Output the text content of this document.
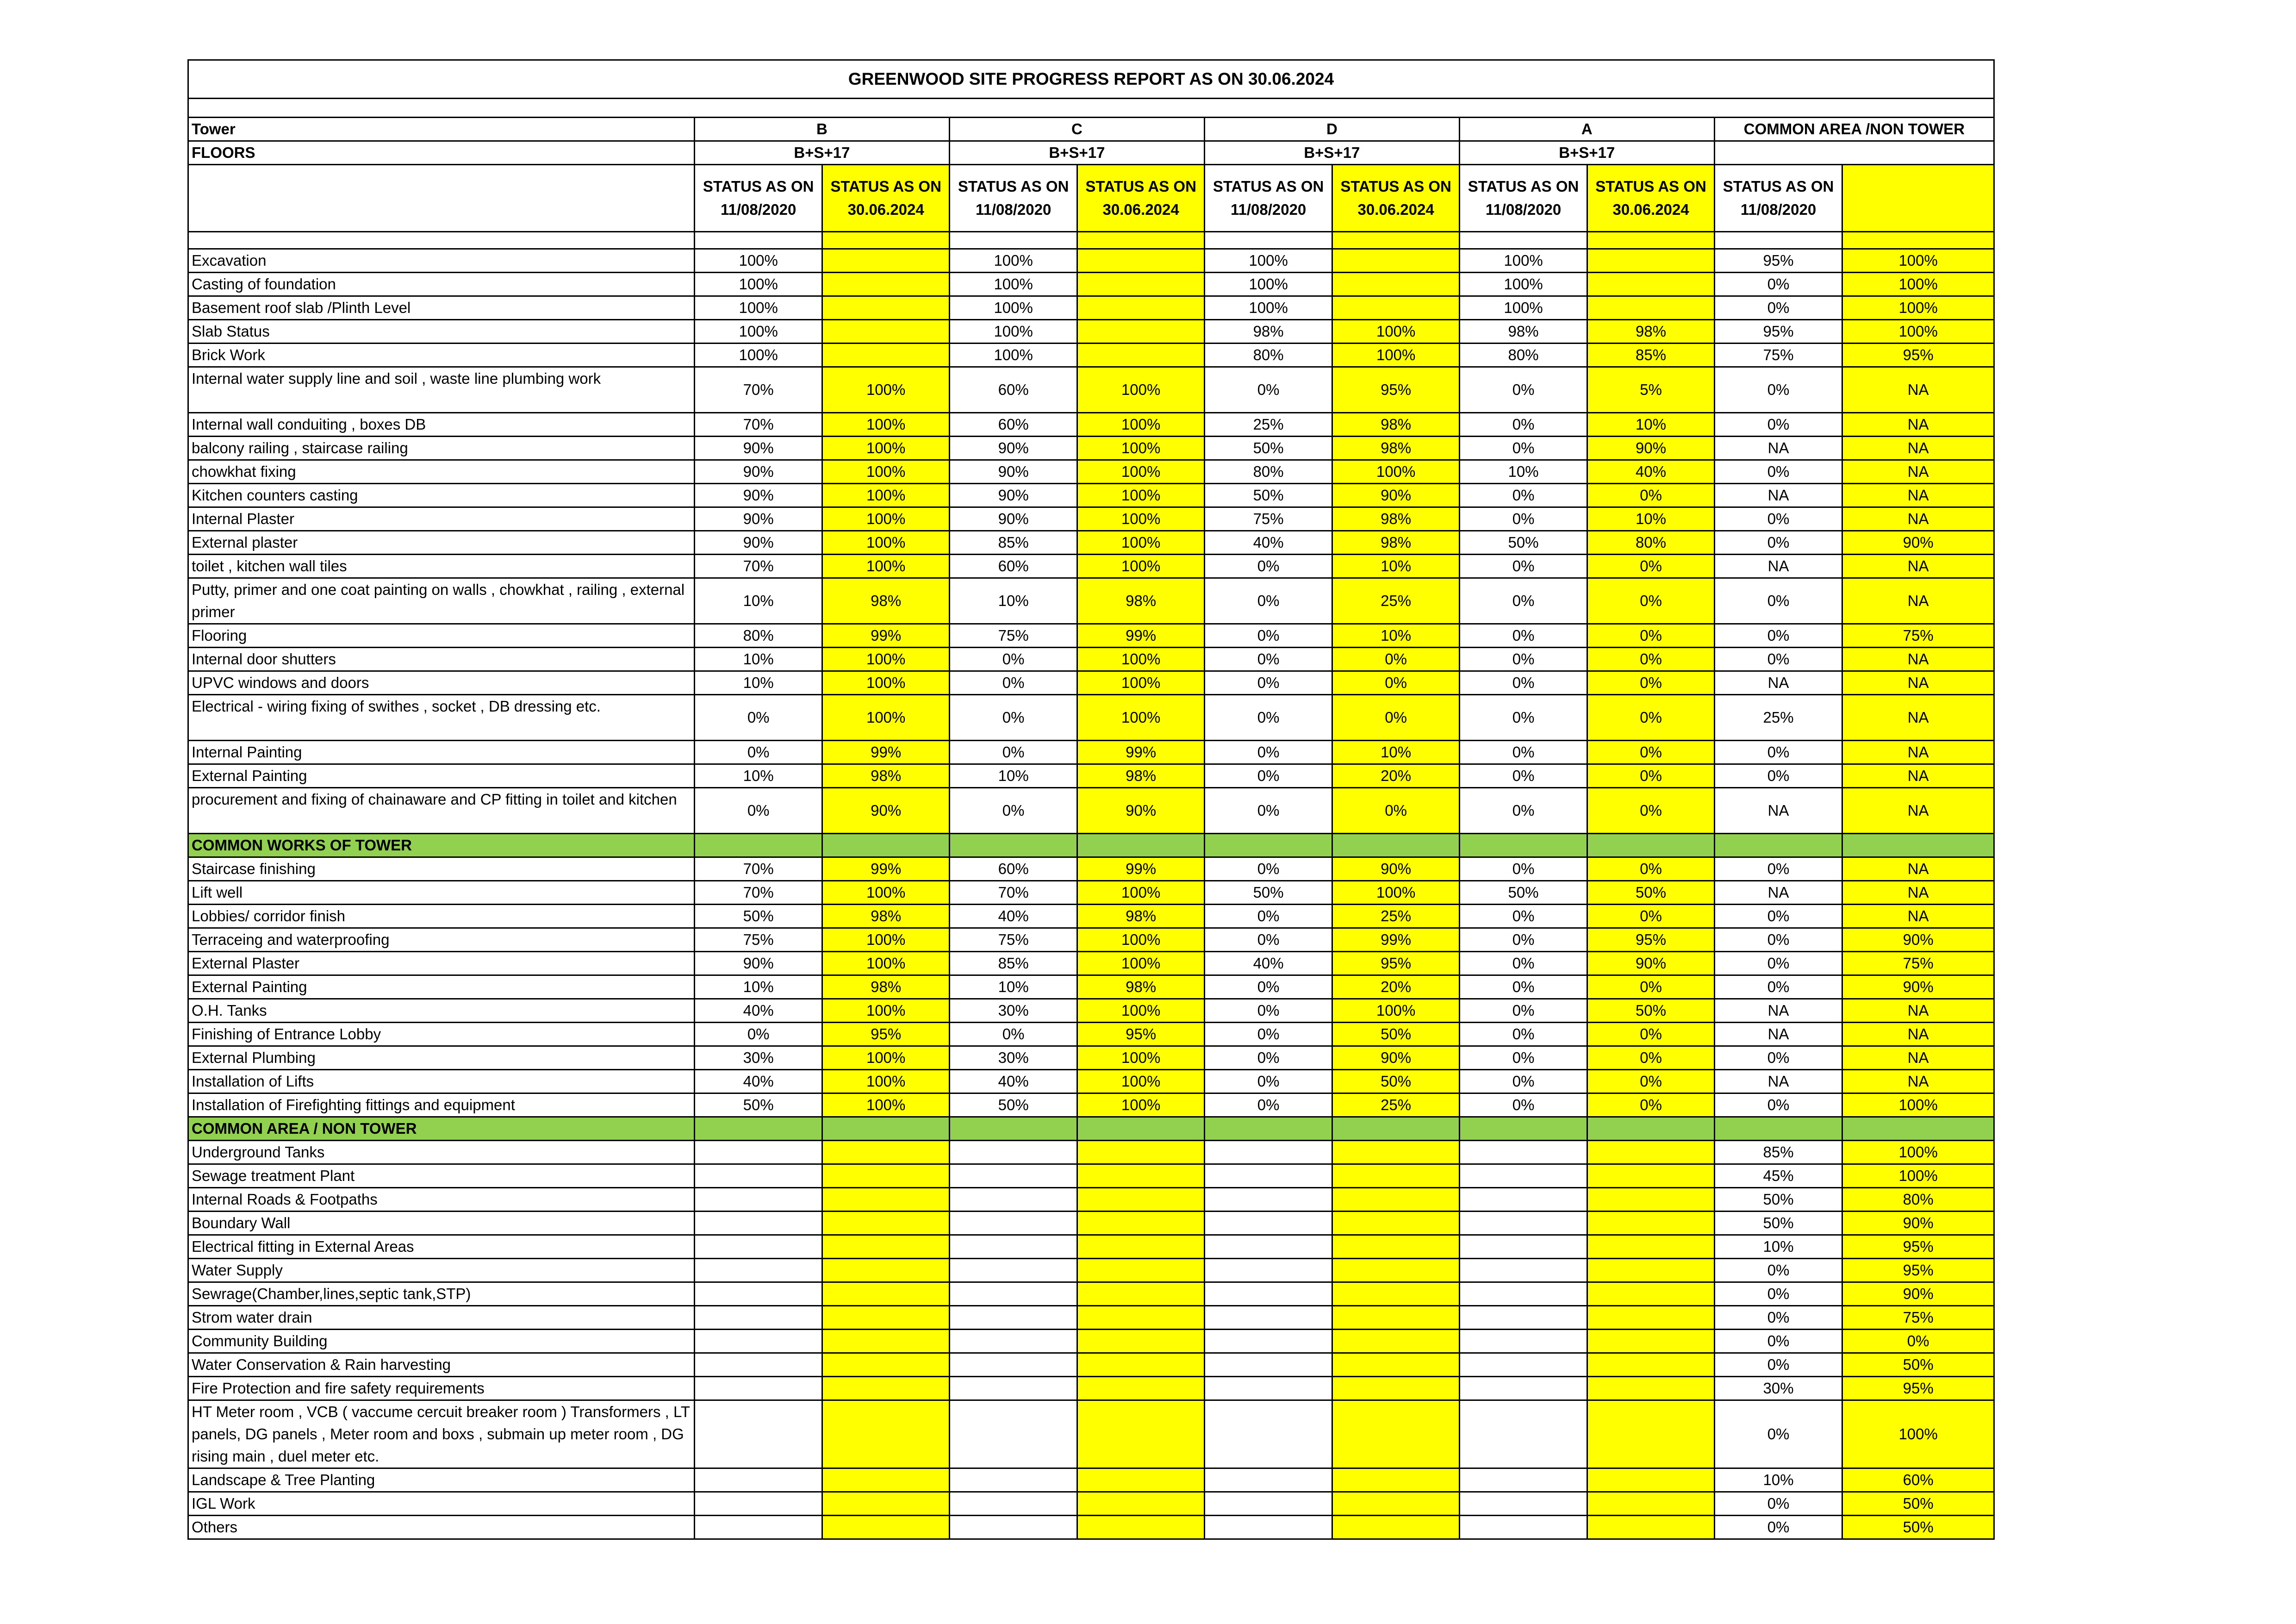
GREENWOOD SITE PROGRESS REPORT AS ON 30.06.2024										

Tower	B		C		D		A		COMMON AREA /NON TOWER	
FLOORS	B+S+17		B+S+17		B+S+17		B+S+17			
	STATUS AS ON 11/08/2020	STATUS AS ON 30.06.2024	STATUS AS ON 11/08/2020	STATUS AS ON 30.06.2024	STATUS AS ON 11/08/2020	STATUS AS ON 30.06.2024	STATUS AS ON 11/08/2020	STATUS AS ON 30.06.2024	STATUS AS ON 11/08/2020	

Excavation	100%		100%		100%		100%		95%	100%
Casting of foundation	100%		100%		100%		100%		0%	100%
Basement roof slab /Plinth Level	100%		100%		100%		100%		0%	100%
Slab Status	100%		100%		98%	100%	98%	98%	95%	100%
Brick Work	100%		100%		80%	100%	80%	85%	75%	95%
Internal water supply line and soil , waste line plumbing work	70%	100%	60%	100%	0%	95%	0%	5%	0%	NA
Internal wall conduiting , boxes DB	70%	100%	60%	100%	25%	98%	0%	10%	0%	NA
balcony railing , staircase railing	90%	100%	90%	100%	50%	98%	0%	90%	NA	NA
chowkhat fixing	90%	100%	90%	100%	80%	100%	10%	40%	0%	NA
Kitchen counters casting	90%	100%	90%	100%	50%	90%	0%	0%	NA	NA
Internal Plaster	90%	100%	90%	100%	75%	98%	0%	10%	0%	NA
External plaster	90%	100%	85%	100%	40%	98%	50%	80%	0%	90%
toilet , kitchen wall tiles	70%	100%	60%	100%	0%	10%	0%	0%	NA	NA
Putty, primer and one coat painting on walls , chowkhat , railing , external primer	10%	98%	10%	98%	0%	25%	0%	0%	0%	NA
Flooring	80%	99%	75%	99%	0%	10%	0%	0%	0%	75%
Internal door shutters	10%	100%	0%	100%	0%	0%	0%	0%	0%	NA
UPVC windows and doors	10%	100%	0%	100%	0%	0%	0%	0%	NA	NA
Electrical - wiring fixing of swithes , socket , DB dressing etc.	0%	100%	0%	100%	0%	0%	0%	0%	25%	NA
Internal Painting	0%	99%	0%	99%	0%	10%	0%	0%	0%	NA
External Painting	10%	98%	10%	98%	0%	20%	0%	0%	0%	NA
procurement and fixing of chainaware and CP fitting in toilet and kitchen	0%	90%	0%	90%	0%	0%	0%	0%	NA	NA
COMMON WORKS OF TOWER										
Staircase finishing	70%	99%	60%	99%	0%	90%	0%	0%	0%	NA
Lift well	70%	100%	70%	100%	50%	100%	50%	50%	NA	NA
Lobbies/ corridor finish	50%	98%	40%	98%	0%	25%	0%	0%	0%	NA
Terraceing and waterproofing	75%	100%	75%	100%	0%	99%	0%	95%	0%	90%
External Plaster	90%	100%	85%	100%	40%	95%	0%	90%	0%	75%
External Painting	10%	98%	10%	98%	0%	20%	0%	0%	0%	90%
O.H. Tanks	40%	100%	30%	100%	0%	100%	0%	50%	NA	NA
Finishing of Entrance Lobby	0%	95%	0%	95%	0%	50%	0%	0%	NA	NA
External Plumbing	30%	100%	30%	100%	0%	90%	0%	0%	0%	NA
Installation of Lifts	40%	100%	40%	100%	0%	50%	0%	0%	NA	NA
Installation of Firefighting fittings and equipment	50%	100%	50%	100%	0%	25%	0%	0%	0%	100%
COMMON AREA / NON TOWER										
Underground Tanks									85%	100%
Sewage treatment Plant									45%	100%
Internal Roads & Footpaths									50%	80%
Boundary Wall									50%	90%
Electrical fitting in External Areas									10%	95%
Water Supply									0%	95%
Sewrage(Chamber,lines,septic tank,STP)									0%	90%
Strom water drain									0%	75%
Community Building									0%	0%
Water Conservation & Rain harvesting									0%	50%
Fire Protection and fire safety requirements									30%	95%
HT Meter room , VCB ( vaccume cercuit breaker room ) Transformers , LT panels, DG panels , Meter room and boxs , submain up meter room , DG rising main , duel meter etc.									0%	100%
Landscape & Tree Planting									10%	60%
IGL Work									0%	50%
Others									0%	50%
